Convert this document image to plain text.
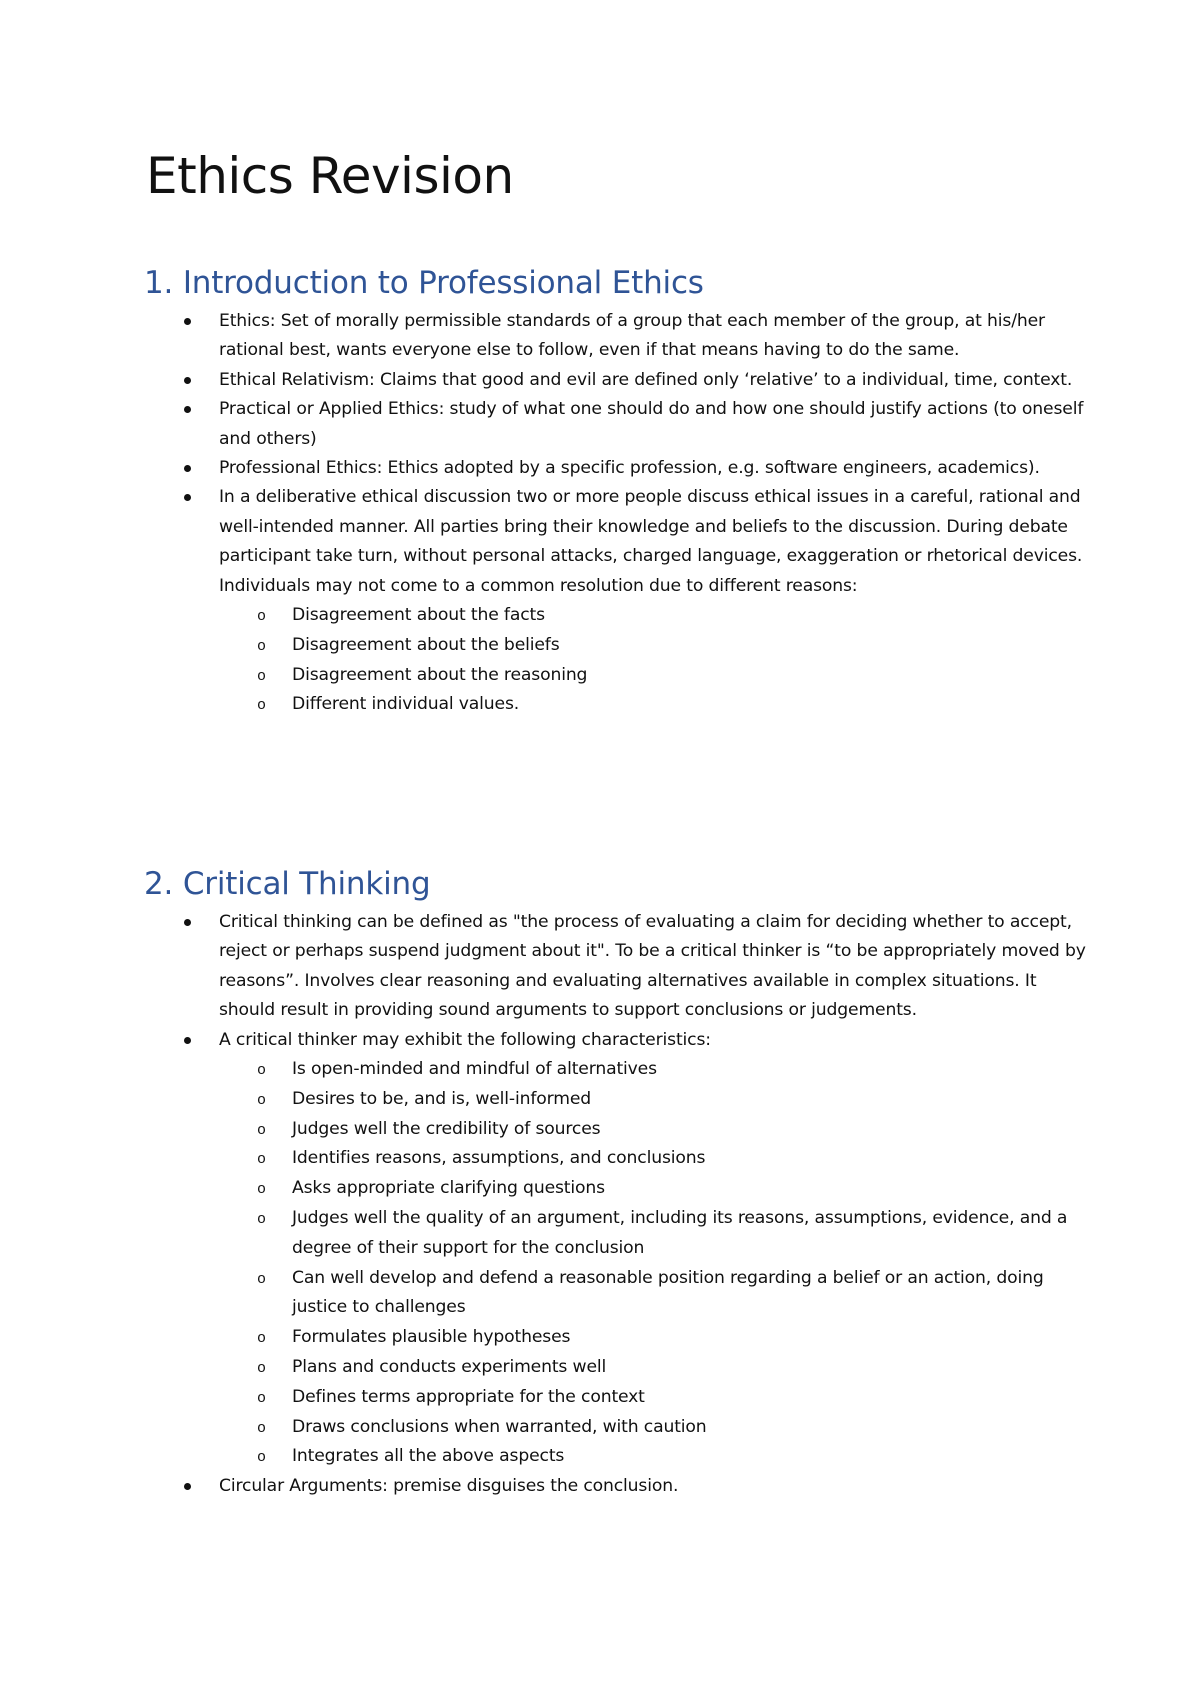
Ethics Revision
1. Introduction to Professional Ethics
Ethics: Set of morally permissible standards of a group that each member of the group, at his/her rational best, wants everyone else to follow, even if that means having to do the same.
Ethical Relativism: Claims that good and evil are defined only ‘relative’ to a individual, time, context.
Practical or Applied Ethics: study of what one should do and how one should justify actions (to oneself and others)
Professional Ethics: Ethics adopted by a specific profession, e.g. software engineers, academics).
In a deliberative ethical discussion two or more people discuss ethical issues in a careful, rational and well-intended manner. All parties bring their knowledge and beliefs to the discussion. During debate participant take turn, without personal attacks, charged language, exaggeration or rhetorical devices. Individuals may not come to a common resolution due to different reasons:
o Disagreement about the facts
o Disagreement about the beliefs
o Disagreement about the reasoning
o Different individual values.
2. Critical Thinking
Critical thinking can be defined as "the process of evaluating a claim for deciding whether to accept, reject or perhaps suspend judgment about it". To be a critical thinker is “to be appropriately moved by reasons”. Involves clear reasoning and evaluating alternatives available in complex situations. It should result in providing sound arguments to support conclusions or judgements.
A critical thinker may exhibit the following characteristics:
o Is open-minded and mindful of alternatives
o Desires to be, and is, well-informed
o Judges well the credibility of sources
o Identifies reasons, assumptions, and conclusions
o Asks appropriate clarifying questions
o Judges well the quality of an argument, including its reasons, assumptions, evidence, and a degree of their support for the conclusion
o Can well develop and defend a reasonable position regarding a belief or an action, doing justice to challenges
o Formulates plausible hypotheses
o Plans and conducts experiments well
o Defines terms appropriate for the context
o Draws conclusions when warranted, with caution
o Integrates all the above aspects
Circular Arguments: premise disguises the conclusion.
